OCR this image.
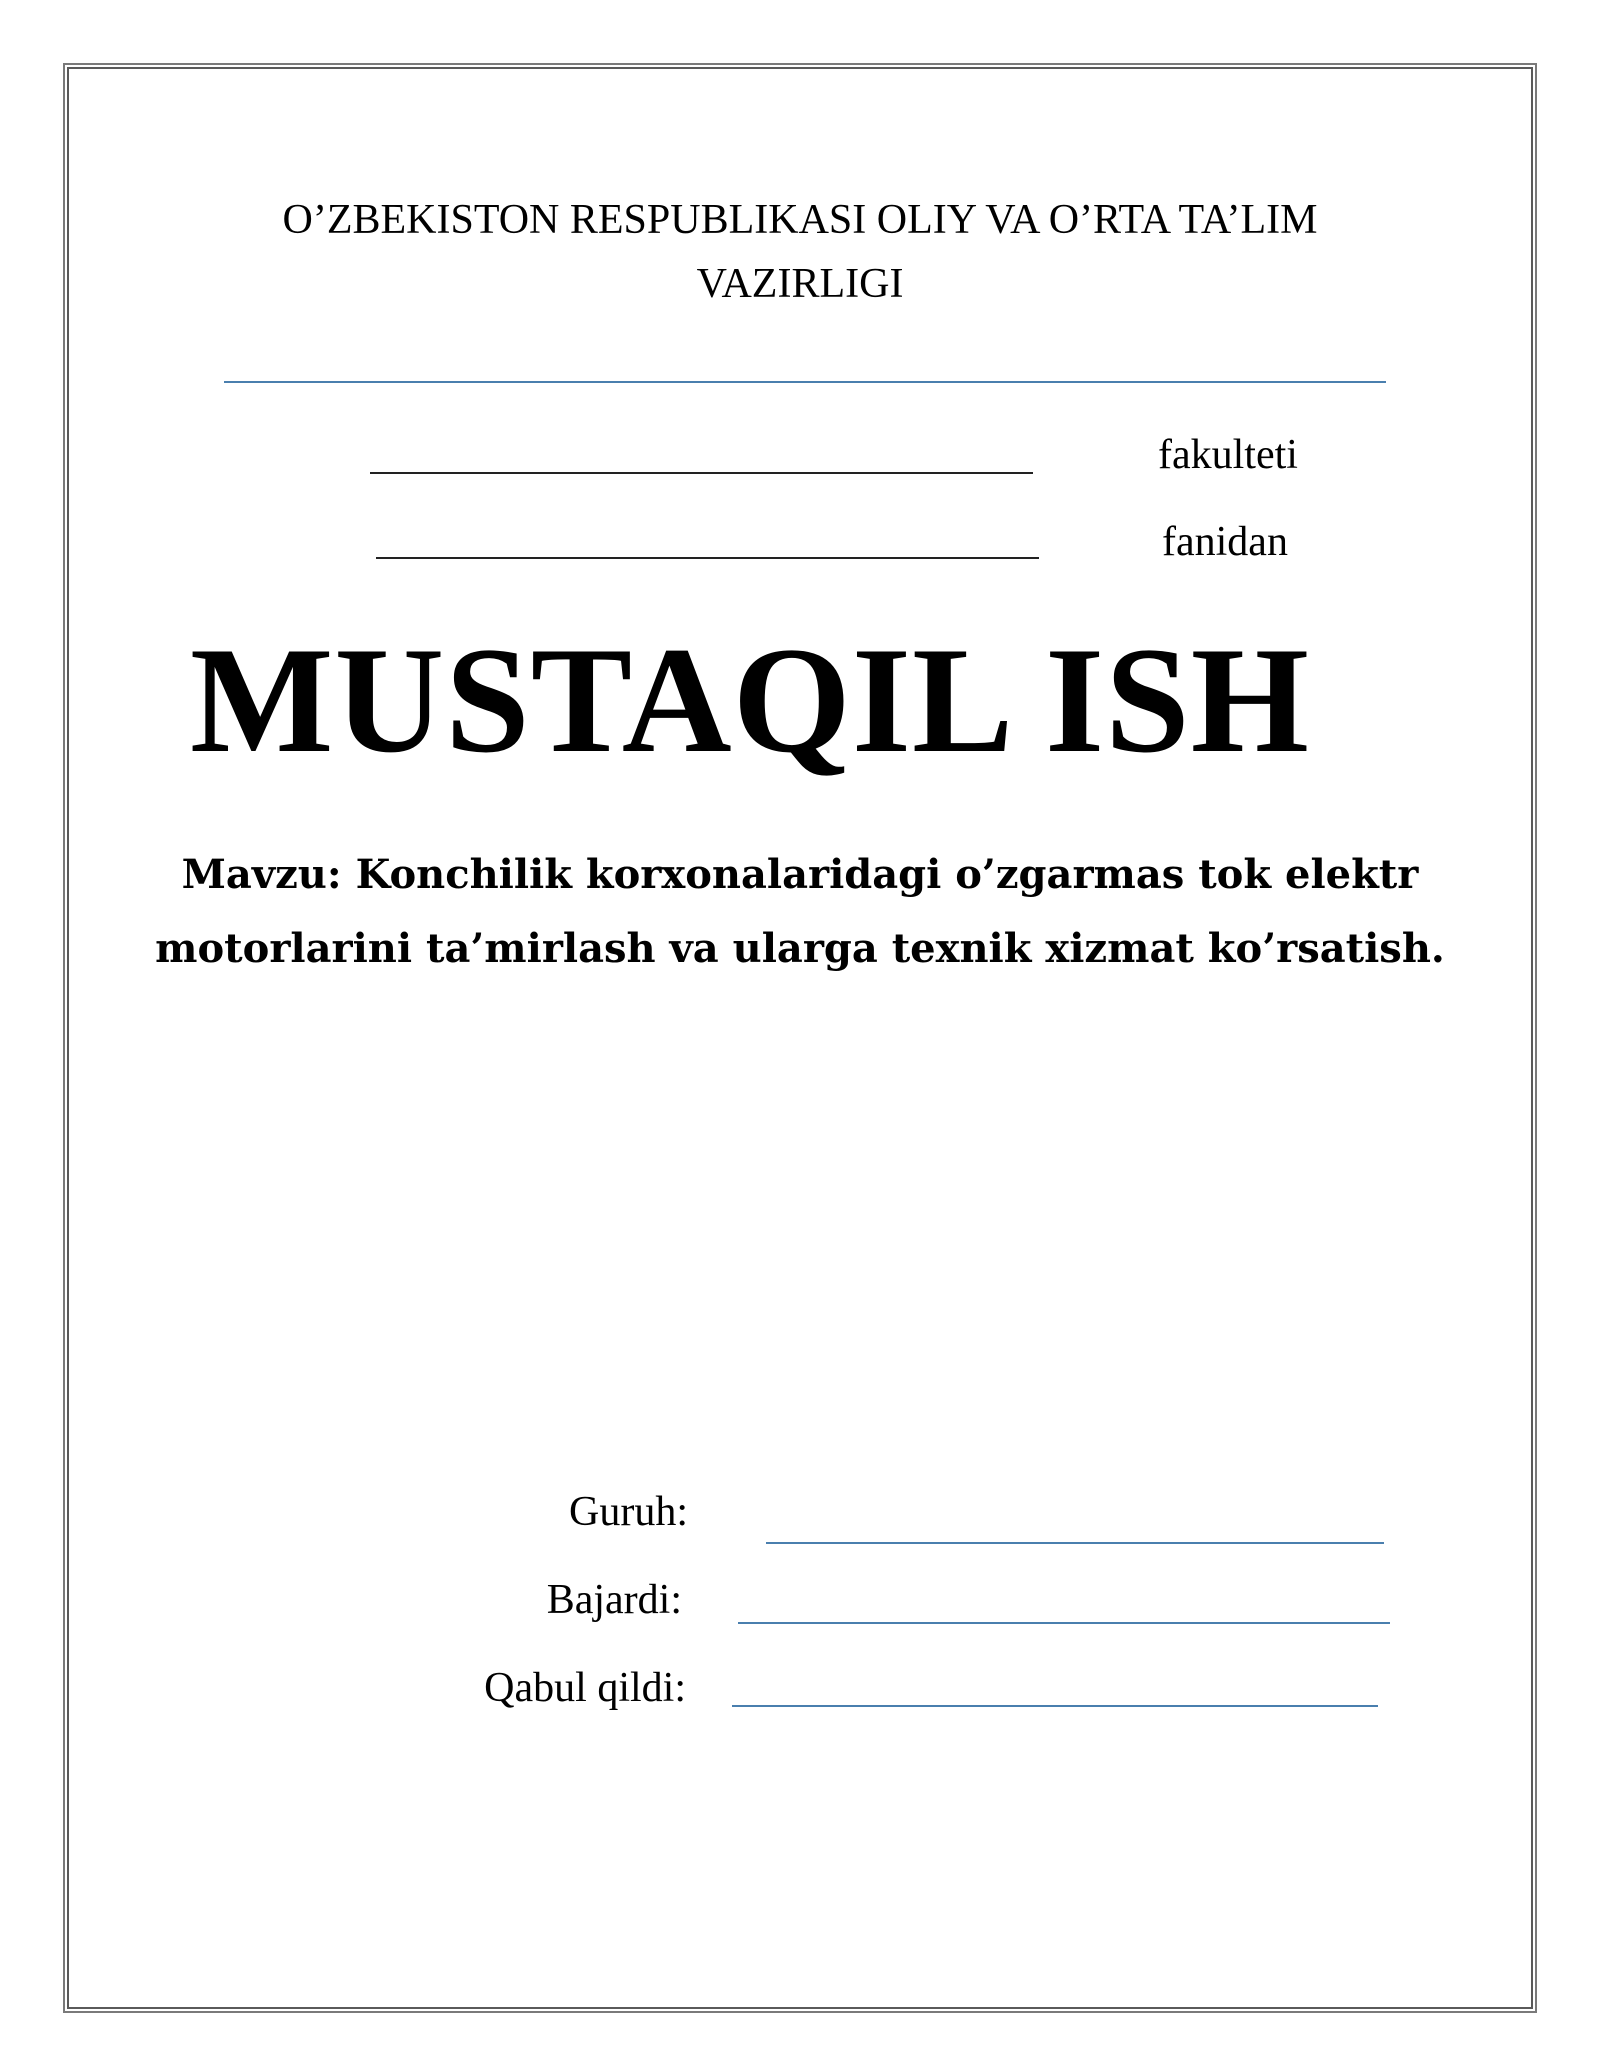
O’ZBEKISTON RESPUBLIKASI OLIY VA O’RTA TA’LIM
VAZIRLIGI
fakulteti
fanidan
MUSTAQIL ISH
Mavzu: Konchilik korxonalaridagi o’zgarmas tok elektr motorlarini ta’mirlash va ularga texnik xizmat ko’rsatish.
Guruh:
Bajardi:
Qabul qildi:
